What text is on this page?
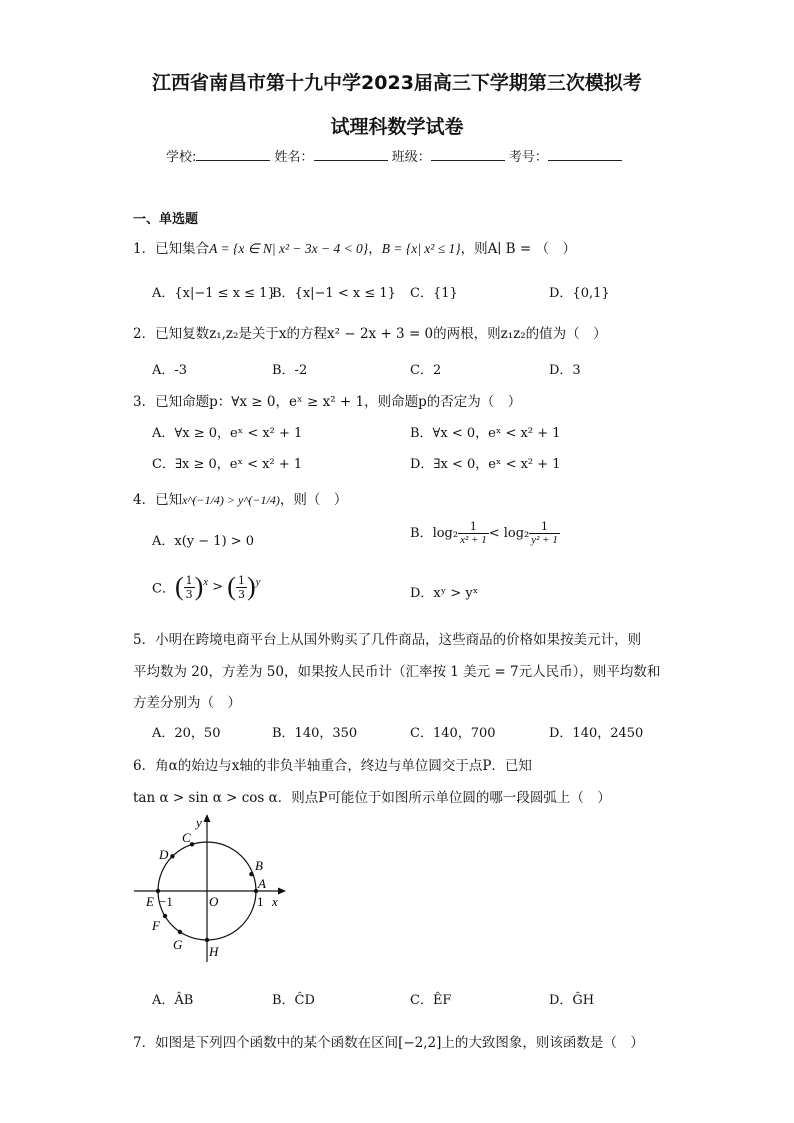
江西省南昌市第十九中学2023届高三下学期第三次模拟考
试理科数学试卷
学校:	姓名：	班级：	考号：
一、单选题
1．已知集合A = {x ∈ N| x² − 3x − 4 < 0}，B = {x| x² ≤ 1}，则A∣ B = （　）
A．{x|−1 ≤ x ≤ 1}
B．{x|−1 < x ≤ 1} C．{1}	D．{0,1}
2．已知复数z₁,z₂是关于x的方程x² − 2x + 3 = 0的两根，则z₁z₂的值为（　）
A．-3	B．-2	C．2	D．3
3．已知命题p：∀x ≥ 0，eˣ ≥ x² + 1，则命题p的否定为（　）
A．∀x ≥ 0，eˣ < x² + 1	B．∀x < 0，eˣ < x² + 1
C．∃x ≥ 0，eˣ < x² + 1	D．∃x < 0，eˣ < x² + 1
4．已知x^(−1/4) > y^(−1/4)，则（　）
A．x(y − 1) > 0
B．$\log_2 \frac{1}{\text{x² + 1}} < \log_2 \frac{1}{\text{y² + 1}}$
C．( $\frac{1}{3} )^x$ > ( $\frac{1}{3} )^y$
D．xʸ > yˣ
5．小明在跨境电商平台上从国外购买了几件商品，这些商品的价格如果按美元计，则
平均数为 20，方差为 50，如果按人民币计（汇率按 1 美元 = 7元人民币），则平均数和
方差分别为（　）
A．20，50	B．140，350	C．140，700	D．140，2450
6．角α的始边与x轴的非负半轴重合，终边与单位圆交于点P．已知
tan α > sin α > cos α．则点P可能位于如图所示单位圆的哪一段圆弧上（　）
y
x
O	1
−1
A
B
C
D
E
F
G H
A．ÂB	B．ĈD	C．ÊF	D．ĜH
7．如图是下列四个函数中的某个函数在区间[−2,2]上的大致图象，则该函数是（　）
